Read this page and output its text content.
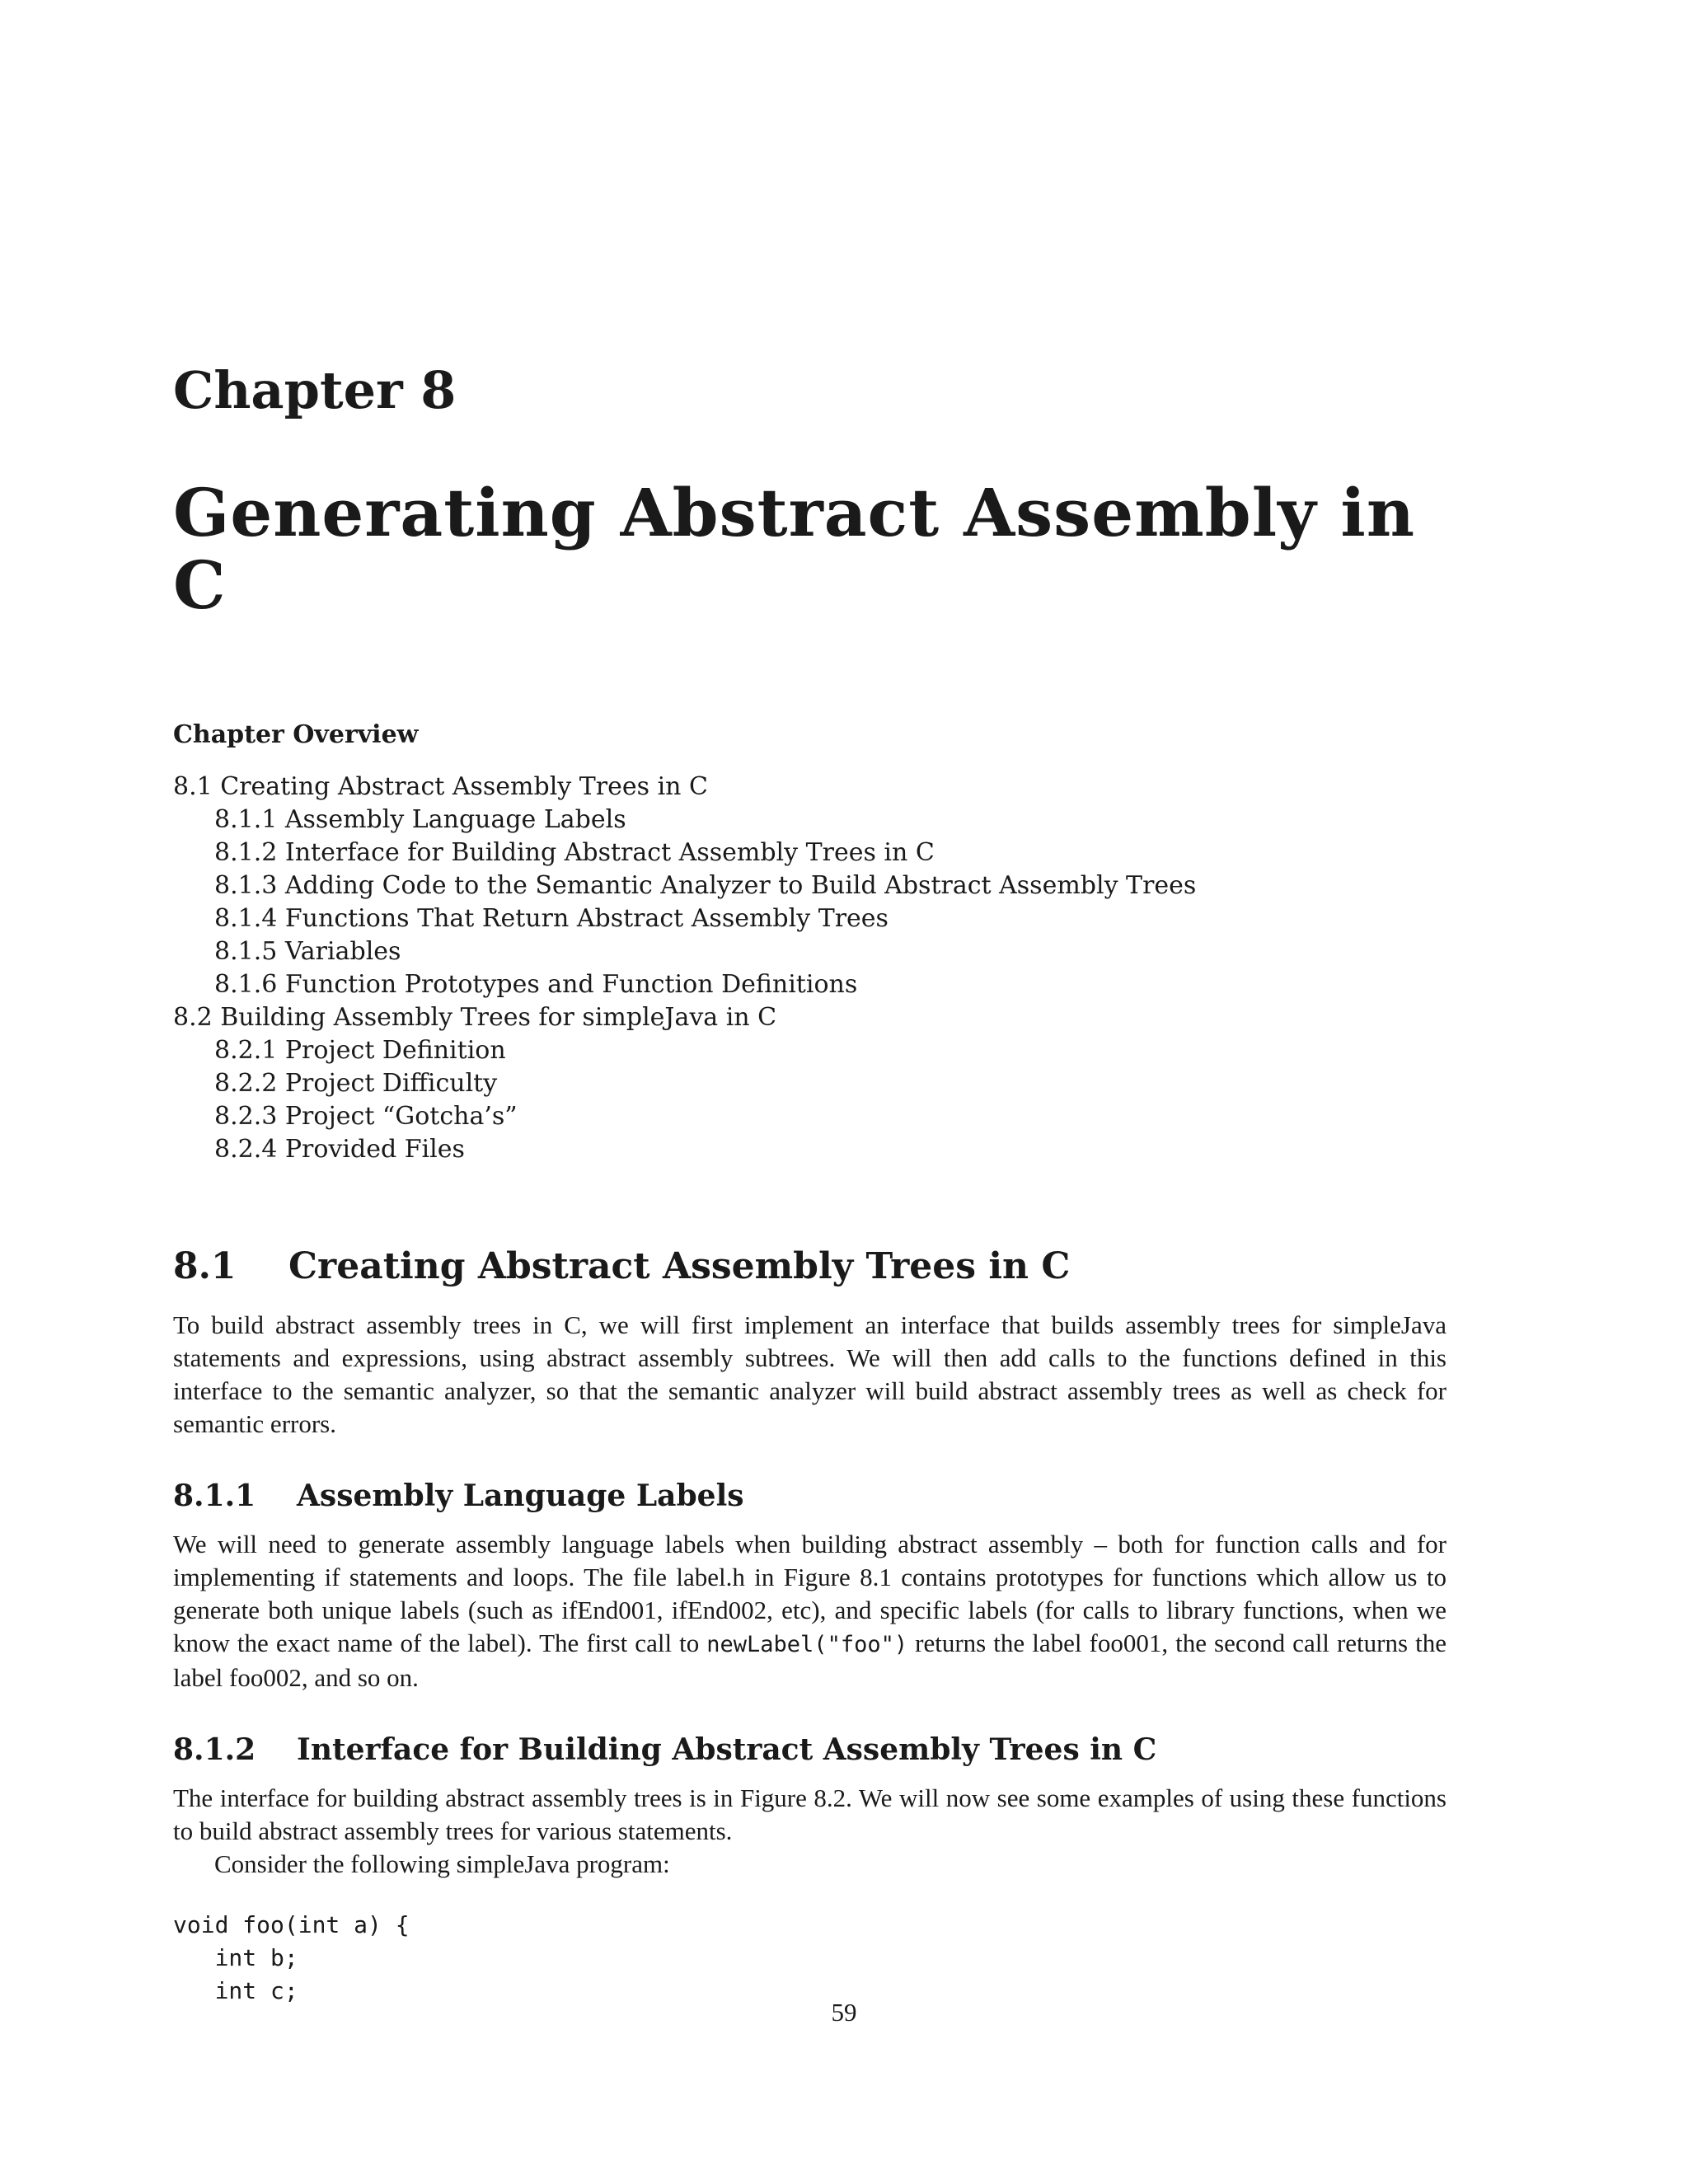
Chapter 8
Generating Abstract Assembly in C
Chapter Overview
8.1 Creating Abstract Assembly Trees in C
8.1.1 Assembly Language Labels
8.1.2 Interface for Building Abstract Assembly Trees in C
8.1.3 Adding Code to the Semantic Analyzer to Build Abstract Assembly Trees
8.1.4 Functions That Return Abstract Assembly Trees
8.1.5 Variables
8.1.6 Function Prototypes and Function Definitions
8.2 Building Assembly Trees for simpleJava in C
8.2.1 Project Definition
8.2.2 Project Difficulty
8.2.3 Project “Gotcha’s”
8.2.4 Provided Files
8.1	Creating Abstract Assembly Trees in C

To build abstract assembly trees in C, we will first implement an interface that builds assembly trees for simpleJava statements and expressions, using abstract assembly subtrees. We will then add calls to the functions defined in this interface to the semantic analyzer, so that the semantic analyzer will build abstract assembly trees as well as check for semantic errors.

8.1.1	Assembly Language Labels

We will need to generate assembly language labels when building abstract assembly – both for function calls and for implementing if statements and loops. The file label.h in Figure 8.1 contains prototypes for functions which allow us to generate both unique labels (such as ifEnd001, ifEnd002, etc), and specific labels (for calls to library functions, when we know the exact name of the label). The first call to newLabel("foo") returns the label foo001, the second call returns the label foo002, and so on.

8.1.2	Interface for Building Abstract Assembly Trees in C

The interface for building abstract assembly trees is in Figure 8.2. We will now see some examples of using these functions to build abstract assembly trees for various statements.

Consider the following simpleJava program:

void foo(int a) {
int b;
int c;
59
